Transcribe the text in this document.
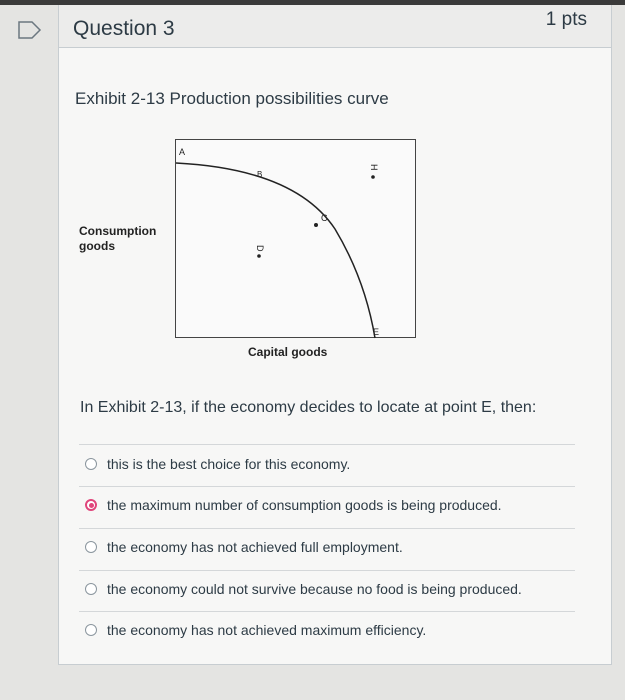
Question 3	1 pts
Exhibit 2-13 Production possibilities curve
Consumption
goods
A
B
C
D
H
E
Capital goods
In Exhibit 2-13, if the economy decides to locate at point E, then:
this is the best choice for this economy.
the maximum number of consumption goods is being produced.
the economy has not achieved full employment.
the economy could not survive because no food is being produced.
the economy has not achieved maximum efficiency.
